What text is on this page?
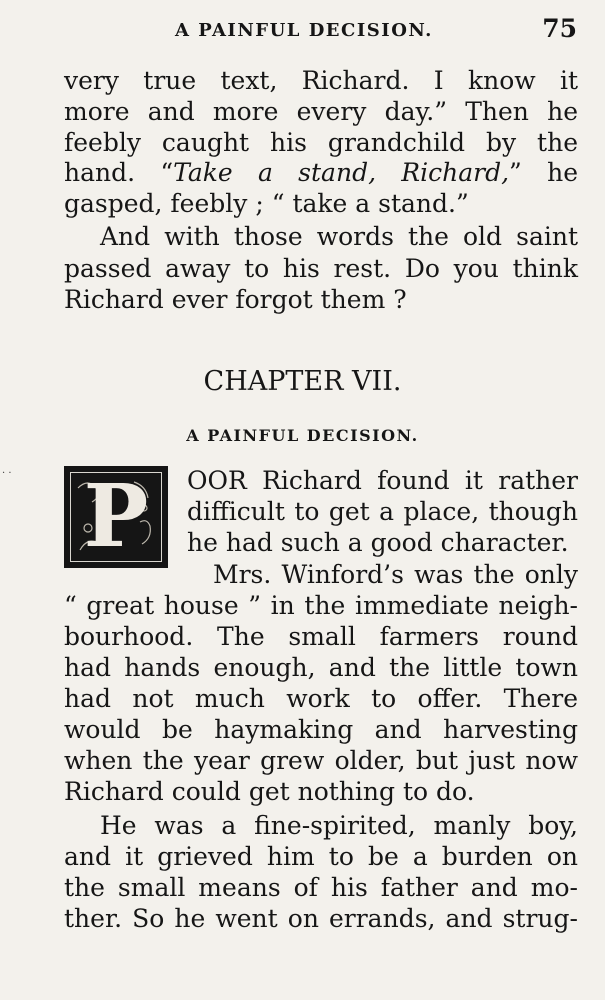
A PAINFUL DECISION.	75
very true text, Richard. I know it
more and more every day.” Then he
feebly caught his grandchild by the
hand. “Take a stand, Richard,” he
gasped, feebly ; “ take a stand.”
And with those words the old saint
passed away to his rest. Do you think
Richard ever forgot them ?
CHAPTER VII.
A PAINFUL DECISION.
· · P	OOR Richard found it rather
difficult to get a place, though
he had such a good character.
Mrs. Winford’s was the only
“ great house ” in the immediate neigh-
bourhood. The small farmers round
had hands enough, and the little town
had not much work to offer. There
would be haymaking and harvesting
when the year grew older, but just now
Richard could get nothing to do.
He was a fine-spirited, manly boy,
and it grieved him to be a burden on
the small means of his father and mo-
ther. So he went on errands, and strug-
